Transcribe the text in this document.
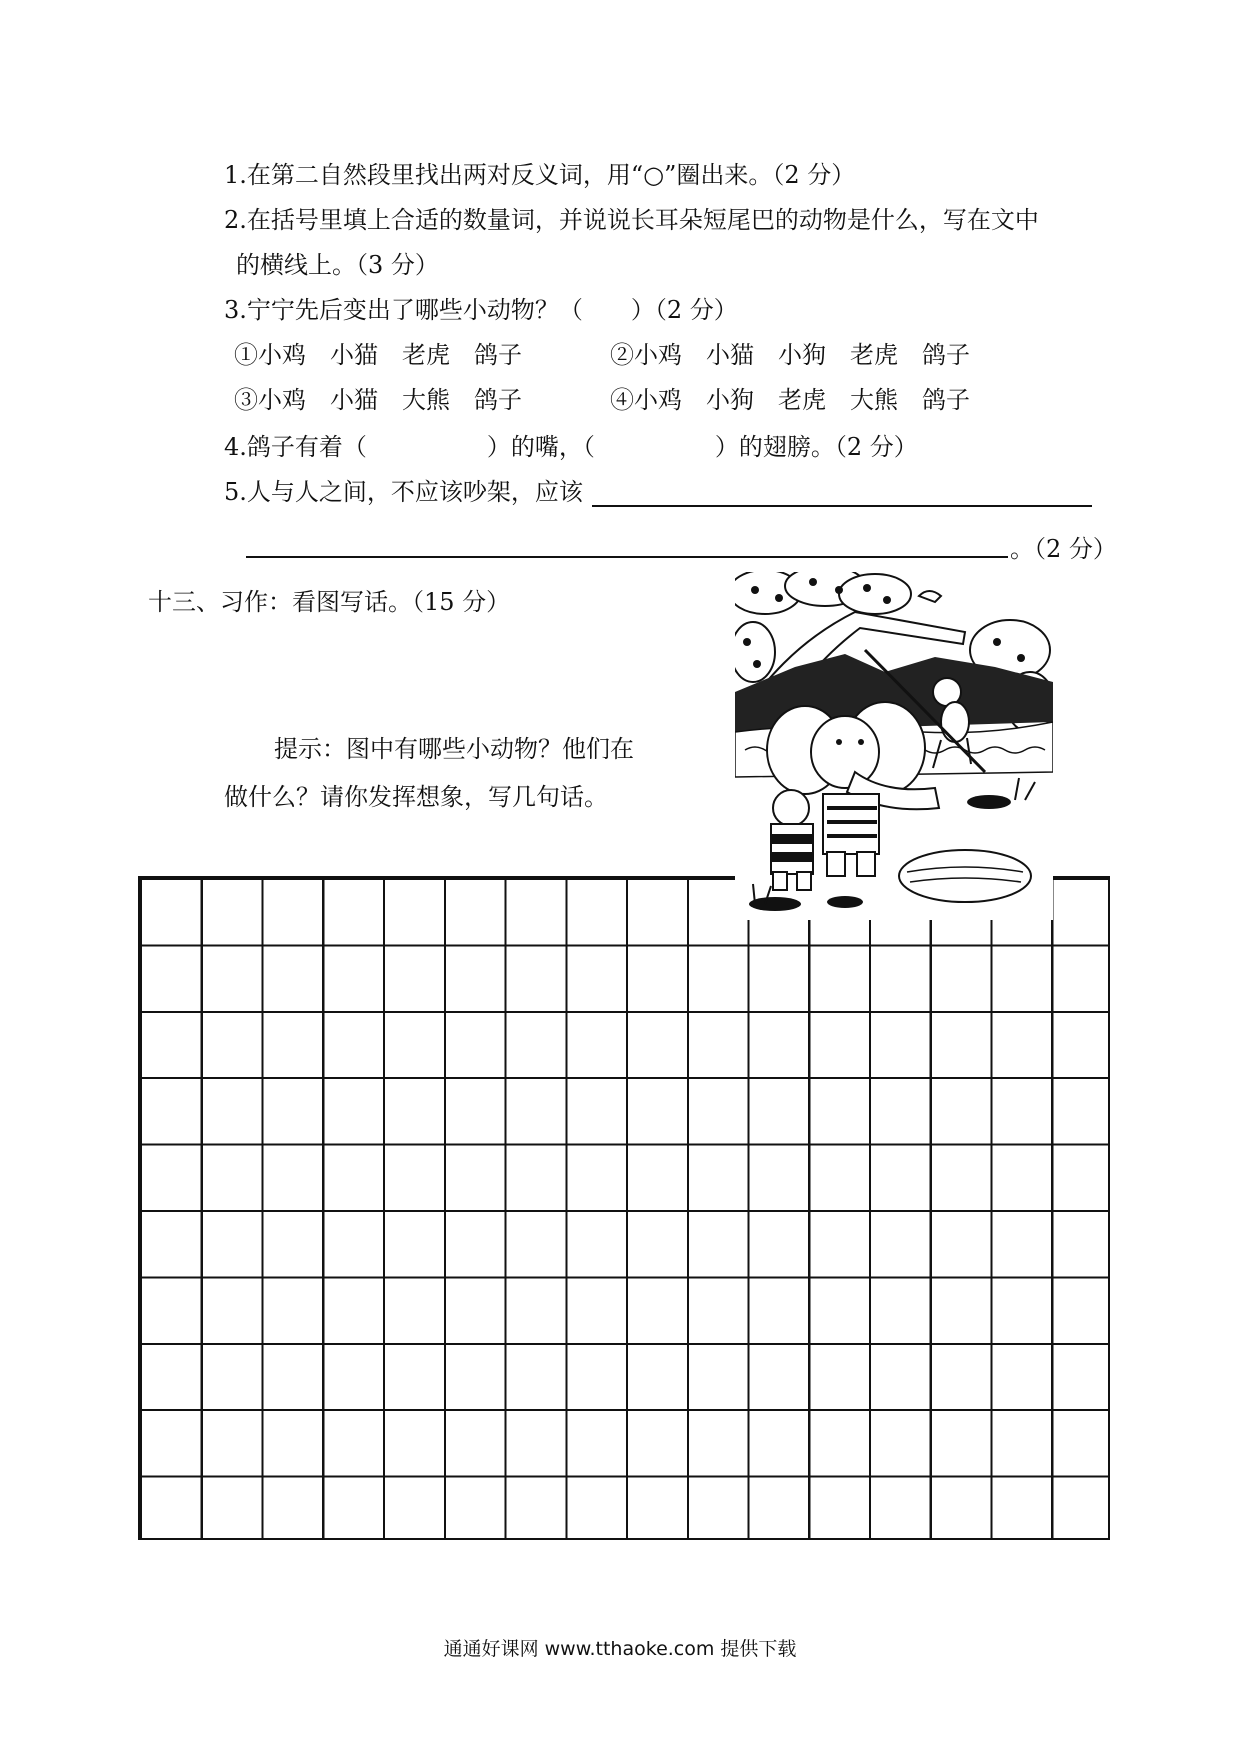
1.在第二自然段里找出两对反义词，用“○”圈出来。（2 分）
2.在括号里填上合适的数量词，并说说长耳朵短尾巴的动物是什么，写在文中
的横线上。（3 分）
3.宁宁先后变出了哪些小动物？（　　）（2 分）
①小鸡　小猫　老虎　鸽子	②小鸡　小猫　小狗　老虎　鸽子
③小鸡　小猫　大熊　鸽子	④小鸡　小狗　老虎　大熊　鸽子
4.鸽子有着（　　　　　）的嘴，（　　　　　）的翅膀。（2 分）
5.人与人之间，不应该吵架，应该
。（2 分）
十三、习作：看图写话。（15 分）
提示：图中有哪些小动物？他们在
做什么？请你发挥想象，写几句话。
通通好课网 www.tthaoke.com 提供下载
